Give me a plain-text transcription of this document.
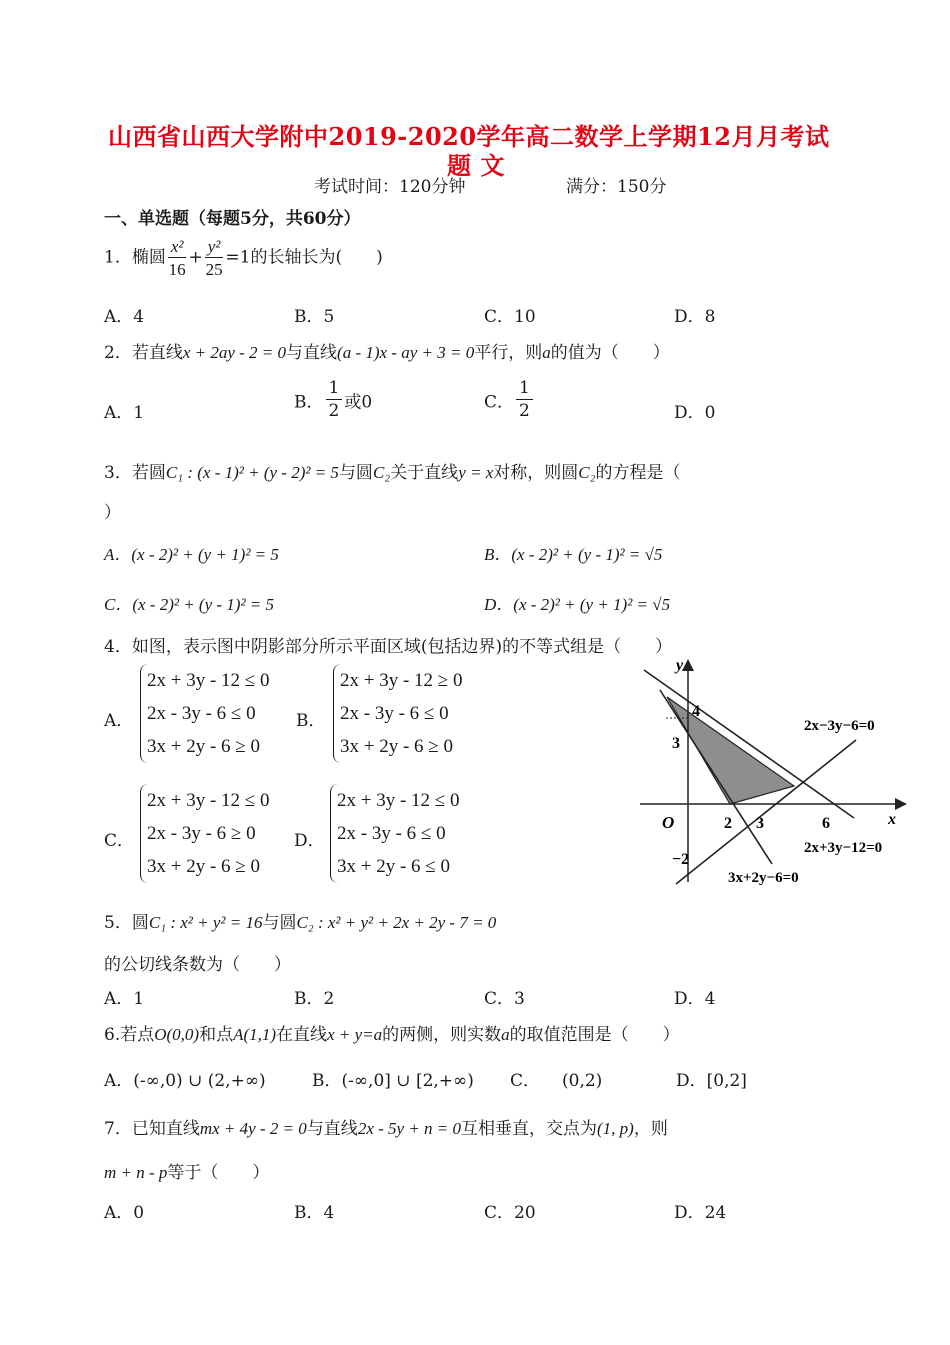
山西省山西大学附中2019-2020学年高二数学上学期12月月考试
题 文
考试时间：120分钟	满分：150分
一、单选题（每题5分，共60分）
1．椭圆 $\frac{\text{x²}}{16} + \frac{\text{y²}}{25} =1$的长轴长为(　　)
A．4	B．5	C．10	D．8
2．若直线x + 2ay - 2 = 0与直线(a - 1)x - ay + 3 = 0平行，则a的值为（　　）
A．1
B． $\frac{1}{2}$ 或0	C． $\frac{1}{2}$	D．0
3．若圆C₁ : (x - 1)² + (y - 2)² = 5与圆C₂关于直线y = x对称，则圆C₂的方程是（
）
A．(x - 2)² + (y + 1)² = 5	B．(x - 2)² + (y - 1)² = √5
C．(x - 2)² + (y - 1)² = 5	D．(x - 2)² + (y + 1)² = √5
4．如图，表示图中阴影部分所示平面区域(包括边界)的不等式组是（　　）
A．
2x + 3y - 12 ≤ 0
2x - 3y - 6 ≤ 0
3x + 2y - 6 ≥ 0
B．
2x + 3y - 12 ≥ 0
2x - 3y - 6 ≤ 0
3x + 2y - 6 ≥ 0
C．
2x + 3y - 12 ≤ 0
2x - 3y - 6 ≥ 0
3x + 2y - 6 ≥ 0
D．
2x + 3y - 12 ≤ 0
2x - 3y - 6 ≤ 0
3x + 2y - 6 ≤ 0
y
x
O
4
3
2 3	6
−2
2x−3y−6=0
2x+3y−12=0
3x+2y−6=0
5．圆C₁ : x² + y² = 16与圆C₂ : x² + y² + 2x + 2y - 7 = 0
的公切线条数为（　　）
A．1	B．2	C．3	D．4
6.若点O(0,0)和点A(1,1)在直线x + y=a的两侧，则实数a的取值范围是（　　）
A．(-∞,0) ∪ (2,+∞)	B．(-∞,0] ∪ [2,+∞) C． (0,2)	D．[0,2]
7．已知直线mx + 4y - 2 = 0与直线2x - 5y + n = 0互相垂直，交点为(1, p)，则
m + n - p等于（　　）
A．0	B．4	C．20	D．24
